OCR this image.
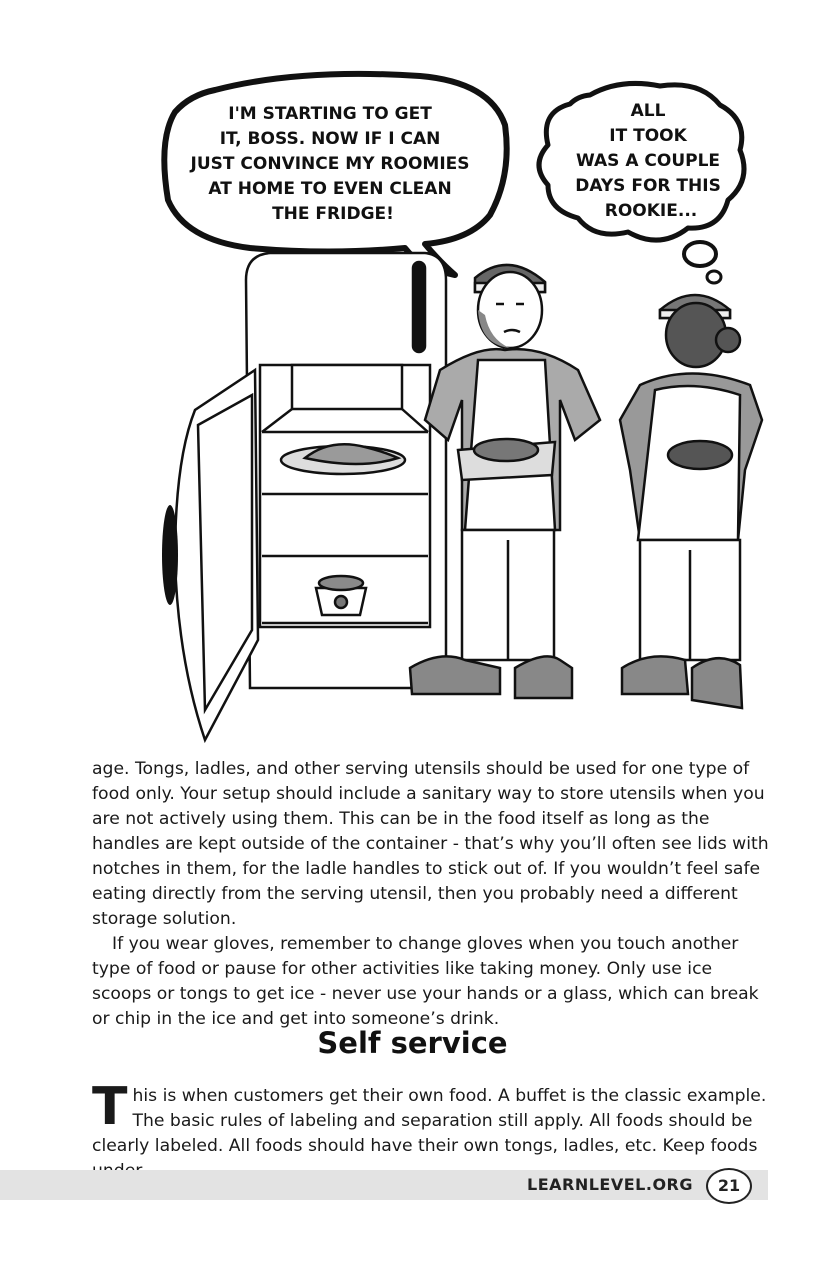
I'M STARTING TO GET IT, BOSS. NOW IF I CAN JUST CONVINCE MY ROOMIES AT HOME TO EVEN CLEAN THE FRIDGE!
ALL IT TOOK WAS A COUPLE DAYS FOR THIS ROOKIE...

age. Tongs, ladles, and other serving utensils should be used for one type of food only. Your setup should include a sanitary way to store utensils when you are not actively using them. This can be in the food itself as long as the handles are kept outside of the container - that’s why you’ll often see lids with notches in them, for the ladle handles to stick out of. If you wouldn’t feel safe eating directly from the serving utensil, then you probably need a different storage solution.

If you wear gloves, remember to change gloves when you touch another type of food or pause for other activities like taking money. Only use ice scoops or tongs to get ice - never use your hands or a glass, which can break or chip in the ice and get into someone’s drink.

Self service
This is when customers get their own food. A buffet is the classic example. The basic rules of labeling and separation still apply. All foods should be clearly labeled. All foods should have their own tongs, ladles, etc. Keep foods
LEARNLEVEL.ORG	21
